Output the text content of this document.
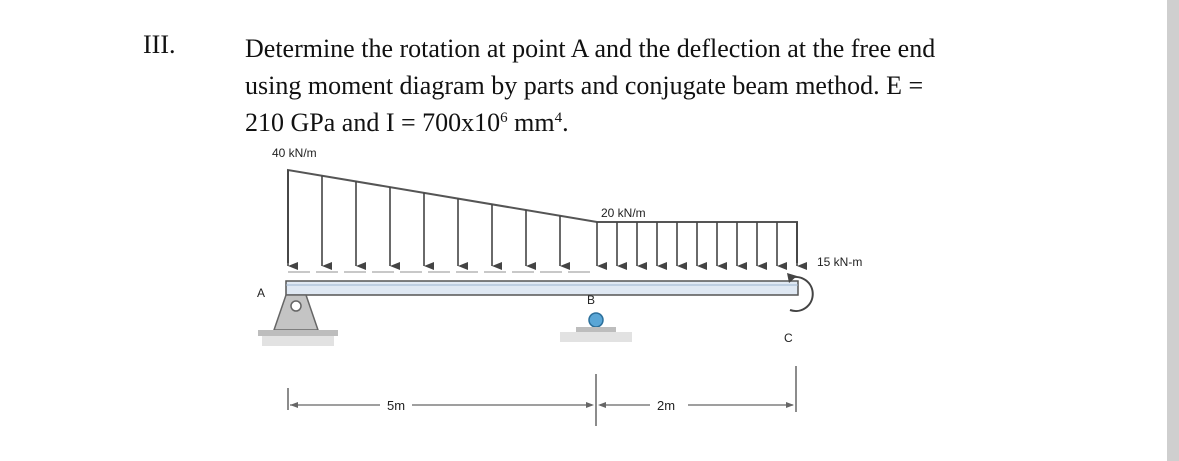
III.	Determine the rotation at point A and the deflection at the free end
using moment diagram by parts and conjugate beam method. E =
210 GPa and $I = 700x10^6$ $mm^4$.
40 kN/m
20 kN/m
15 kN-m
A	B
C
5m	2m
